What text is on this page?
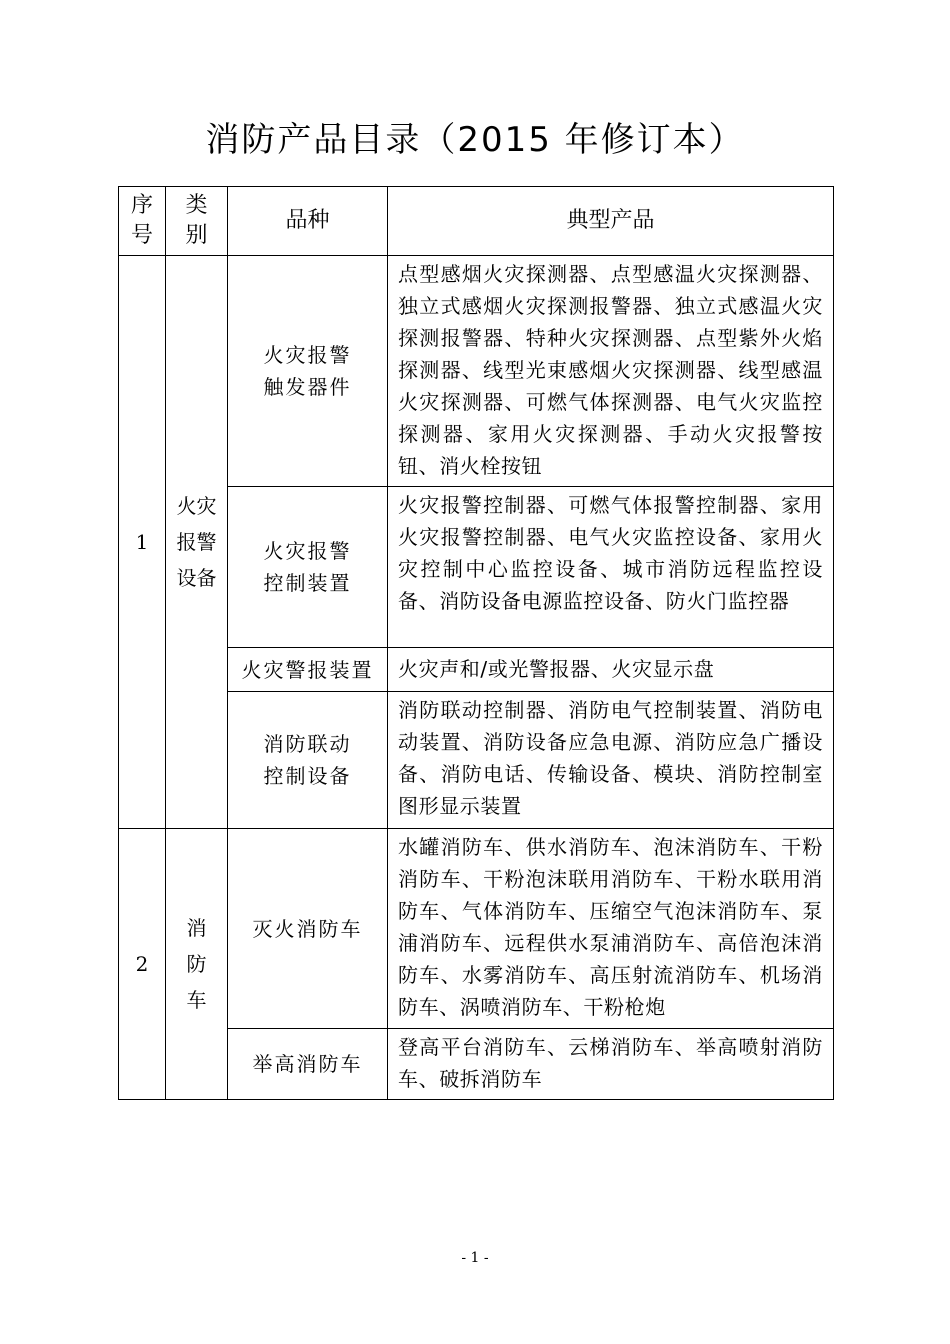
消防产品目录（2015 年修订本）
序号	类别	品种	典型产品
1	火灾报警设备	火灾报警触发器件	点型感烟火灾探测器、点型感温火灾探测器、独立式感烟火灾探测报警器、独立式感温火灾探测报警器、特种火灾探测器、点型紫外火焰探测器、线型光束感烟火灾探测器、线型感温火灾探测器、可燃气体探测器、电气火灾监控探测器、家用火灾探测器、手动火灾报警按钮、消火栓按钮

		火灾报警控制装置	火灾报警控制器、可燃气体报警控制器、家用火灾报警控制器、电气火灾监控设备、家用火灾控制中心监控设备、城市消防远程监控设备、消防设备电源监控设备、防火门监控器
		火灾警报装置	火灾声和/或光警报器、火灾显示盘

		消防联动控制设备	消防联动控制器、消防电气控制装置、消防电动装置、消防设备应急电源、消防应急广播设备、消防电话、传输设备、模块、消防控制室图形显示装置
2	消防车	灭火消防车	水罐消防车、供水消防车、泡沫消防车、干粉消防车、干粉泡沫联用消防车、干粉水联用消防车、气体消防车、压缩空气泡沫消防车、泵浦消防车、远程供水泵浦消防车、高倍泡沫消防车、水雾消防车、高压射流消防车、机场消防车、涡喷消防车、干粉枪炮
		举高消防车	登高平台消防车、云梯消防车、举高喷射消防车、破拆消防车
- 1 -
